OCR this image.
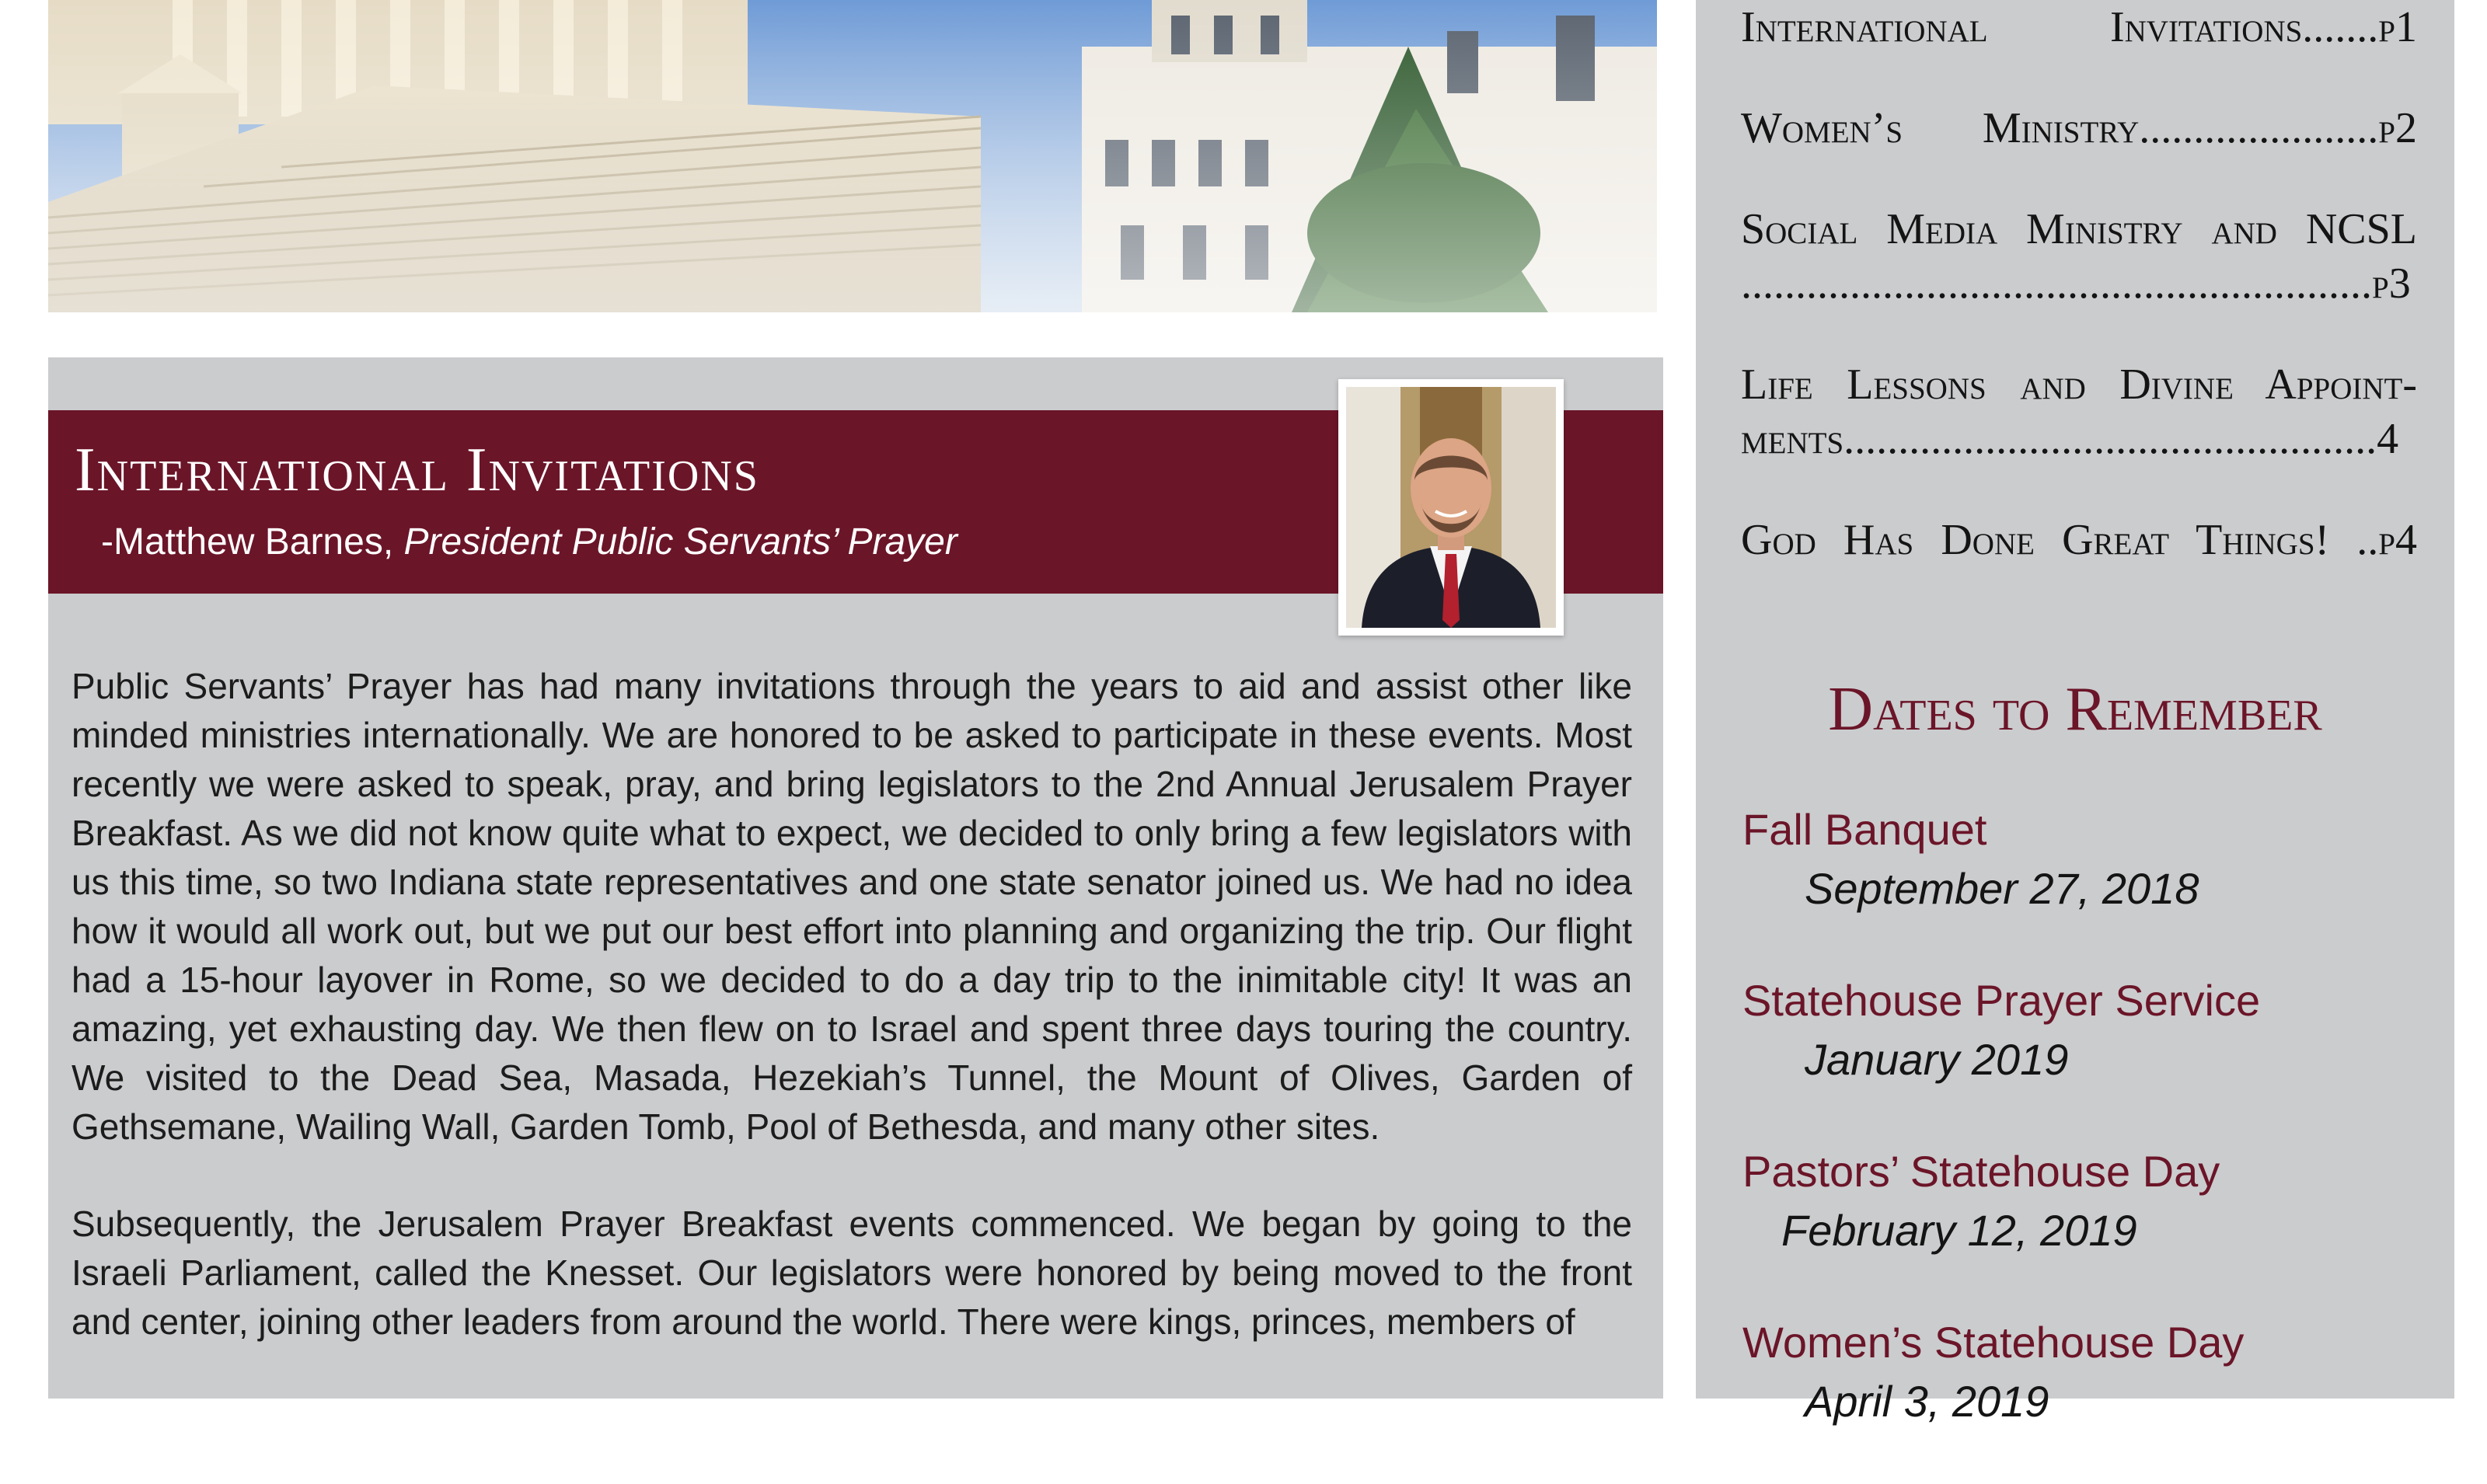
International Invitations
-Matthew Barnes, President Public Servants’ Prayer

Public Servants’ Prayer has had many invitations through the years to aid and assist other like minded ministries internationally. We are honored to be asked to participate in these events. Most recently we were asked to speak, pray, and bring legislators to the 2nd Annual Jerusalem Prayer Breakfast. As we did not know quite what to expect, we decided to only bring a few legislators with us this time, so two Indiana state representatives and one state senator joined us. We had no idea how it would all work out, but we put our best effort into planning and organizing the trip. Our flight had a 15-hour layover in Rome, so we decided to do a day trip to the inimitable city! It was an amazing, yet exhausting day. We then flew on to Israel and spent three days touring the country. We visited to the Dead Sea, Masada, Hezekiah’s Tunnel, the Mount of Olives, Garden of Gethsemane, Wailing Wall, Garden Tomb, Pool of Bethesda, and many other sites.

Subsequently, the Jerusalem Prayer Breakfast events commenced. We began by going to the Israeli Parliament, called the Knesset. Our legislators were honored by being moved to the front and center, joining other leaders from around the world. There were kings, princes, members of

International Invitations.......p1
Women’s Ministry......................p2
Social Media Ministry and NCSL ..........................................................p3
Life Lessons and Divine Appoint-ments.................................................4
God Has Done Great Things! ..p4
Dates to Remember
Fall Banquet
September 27, 2018
Statehouse Prayer Service
January 2019
Pastors’ Statehouse Day
February 12, 2019
Women’s Statehouse Day
April 3, 2019
